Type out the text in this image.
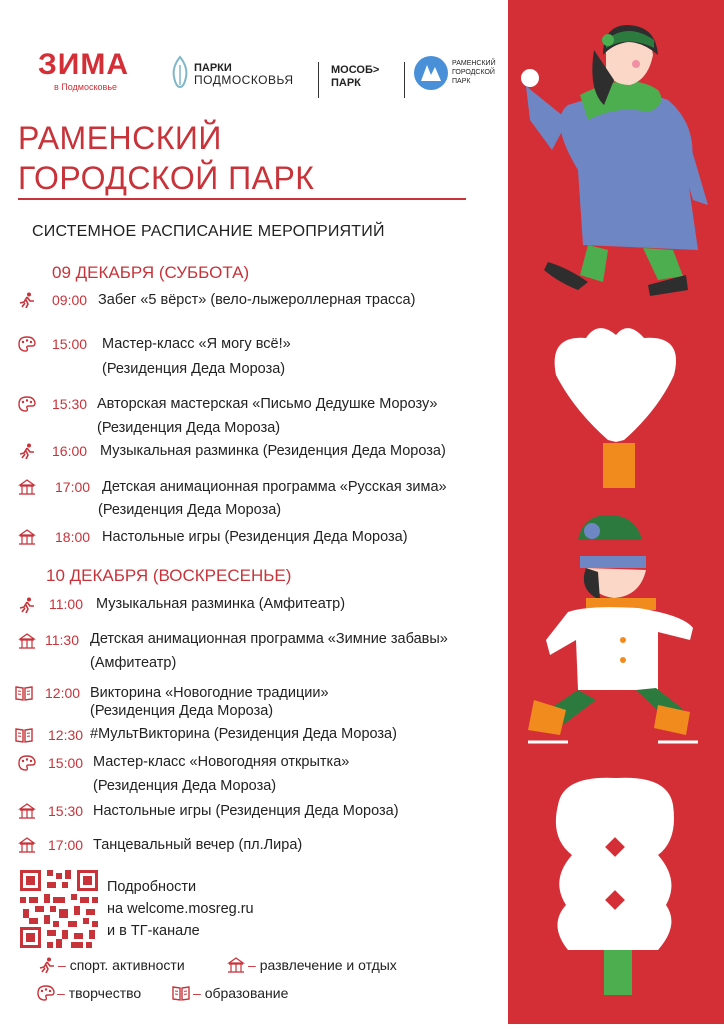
ЗИМА
в Подмосковье
ПАРКИ
ПОДМОСКОВЬЯ
МОСОБ>
ПАРК
РАМЕНСКИЙ
ГОРОДСКОЙ
ПАРК
РАМЕНСКИЙ
ГОРОДСКОЙ ПАРК
СИСТЕМНОЕ РАСПИСАНИЕ МЕРОПРИЯТИЙ
09 ДЕКАБРЯ (СУББОТА)
09:00 Забег «5 вёрст» (вело-лыжероллерная трасса)
15:00 Мастер-класс «Я могу всё!»
(Резиденция Деда Мороза)
15:30 Авторская мастерская «Письмо Дедушке Морозу»
(Резиденция Деда Мороза)
16:00 Музыкальная разминка (Резиденция Деда Мороза)
17:00 Детская анимационная программа «Русская зима»
(Резиденция Деда Мороза)
18:00 Настольные игры (Резиденция Деда Мороза)
10 ДЕКАБРЯ (ВОСКРЕСЕНЬЕ)
11:00 Музыкальная разминка (Амфитеатр)
11:30 Детская анимационная программа «Зимние забавы»
(Амфитеатр)
12:00 Викторина «Новогодние традиции»
(Резиденция Деда Мороза)
12:30 #МультВикторина (Резиденция Деда Мороза)
15:00 Мастер-класс «Новогодняя открытка»
(Резиденция Деда Мороза)
15:30 Настольные игры (Резиденция Деда Мороза)
17:00 Танцевальный вечер (пл.Лира)
Подробности
на welcome.mosreg.ru
и в ТГ-канале
– спорт. активности	– развлечение и отдых
– творчество	– образование
